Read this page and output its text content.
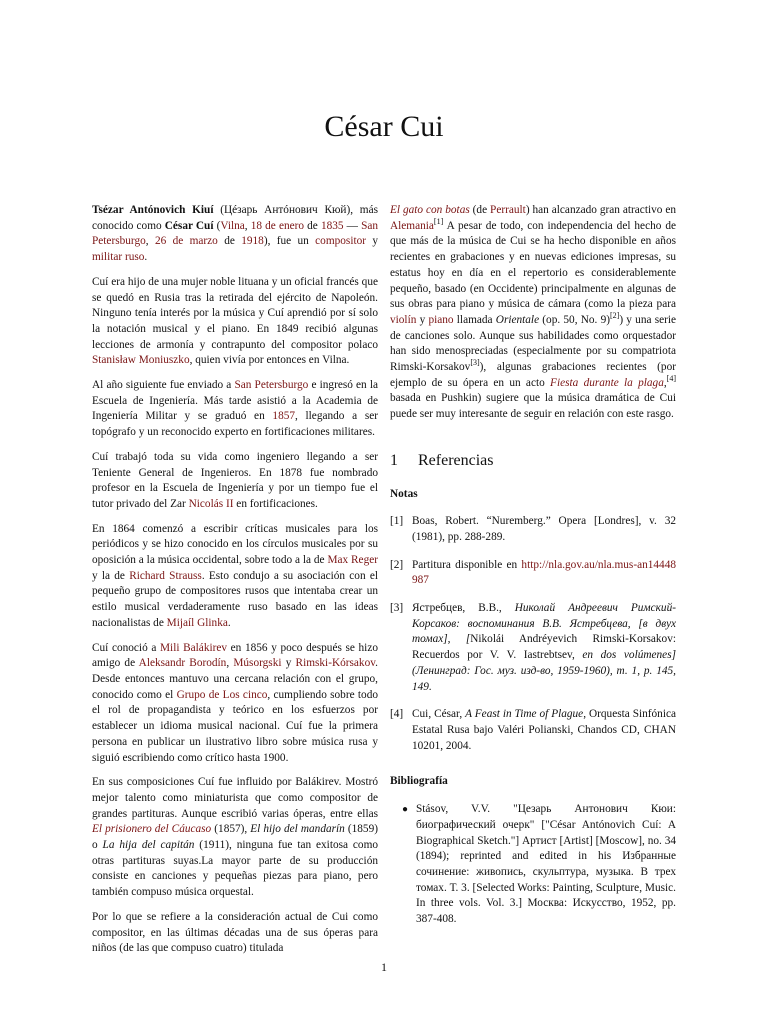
César Cui

Tsézar Antónovich Kiuí (Цéзарь Антóнович Кюй), más conocido como César Cuí (Vilna, 18 de enero de 1835 — San Petersburgo, 26 de marzo de 1918), fue un compositor y militar ruso.

Cuí era hijo de una mujer noble lituana y un oficial francés que se quedó en Rusia tras la retirada del ejército de Napoleón. Ninguno tenía interés por la música y Cuí aprendió por sí solo la notación musical y el piano. En 1849 recibió algunas lecciones de armonía y contrapunto del compositor polaco Stanisław Moniuszko, quien vivía por entonces en Vilna.

Al año siguiente fue enviado a San Petersburgo e ingresó en la Escuela de Ingeniería. Más tarde asistió a la Academia de Ingeniería Militar y se graduó en 1857, llegando a ser topógrafo y un reconocido experto en fortificaciones militares.

Cuí trabajó toda su vida como ingeniero llegando a ser Teniente General de Ingenieros. En 1878 fue nombrado profesor en la Escuela de Ingeniería y por un tiempo fue el tutor privado del Zar Nicolás II en fortificaciones.

En 1864 comenzó a escribir críticas musicales para los periódicos y se hizo conocido en los círculos musicales por su oposición a la música occidental, sobre todo a la de Max Reger y la de Richard Strauss. Esto condujo a su asociación con el pequeño grupo de compositores rusos que intentaba crear un estilo musical verdaderamente ruso basado en las ideas nacionalistas de Mijaíl Glinka.

Cuí conoció a Mili Balákirev en 1856 y poco después se hizo amigo de Aleksandr Borodín, Músorgski y Rimski-Kórsakov. Desde entonces mantuvo una cercana relación con el grupo, conocido como el Grupo de Los cinco, cumpliendo sobre todo el rol de propagandista y teórico en los esfuerzos por establecer un idioma musical nacional. Cuí fue la primera persona en publicar un ilustrativo libro sobre música rusa y siguió escribiendo como crítico hasta 1900.

En sus composiciones Cuí fue influido por Balákirev. Mostró mejor talento como miniaturista que como compositor de grandes partituras. Aunque escribió varias óperas, entre ellas El prisionero del Cáucaso (1857), El hijo del mandarín (1859) o La hija del capitán (1911), ninguna fue tan exitosa como otras partituras suyas.La mayor parte de su producción consiste en canciones y pequeñas piezas para piano, pero también compuso música orquestal.

Por lo que se refiere a la consideración actual de Cui como compositor, en las últimas décadas una de sus óperas para niños (de las que compuso cuatro) titulada

El gato con botas (de Perrault) han alcanzado gran atractivo en Alemania[1] A pesar de todo, con independencia del hecho de que más de la música de Cui se ha hecho disponible en años recientes en grabaciones y en nuevas ediciones impresas, su estatus hoy en día en el repertorio es considerablemente pequeño, basado (en Occidente) principalmente en algunas de sus obras para piano y música de cámara (como la pieza para violín y piano llamada Orientale (op. 50, No. 9)[2]) y una serie de canciones solo. Aunque sus habilidades como orquestador han sido menospreciadas (especialmente por su compatriota Rimski-Korsakov[3]), algunas grabaciones recientes (por ejemplo de su ópera en un acto Fiesta durante la plaga,[4] basada en Pushkin) sugiere que la música dramática de Cui puede ser muy interesante de seguir en relación con este rasgo.

1 Referencias
Notas
[1] Boas, Robert. “Nuremberg.” Opera [Londres], v. 32 (1981), pp. 288-289.
[2] Partitura disponible en http://nla.gov.au/nla.mus-an14448987
[3] Ястребцев, В.В., Николай Андреевич Римский-Корсаков: воспоминания В.В. Ястребцева, [в двух томах], [Nikolái Andréyevich Rimski-Korsakov: Recuerdos por V. V. Iastrebtsev, en dos volúmenes] (Ленинград: Гос. муз. изд-во, 1959-1960), т. 1, р. 145, 149.
[4] Cui, César, A Feast in Time of Plague, Orquesta Sinfónica Estatal Rusa bajo Valéri Polianski, Chandos CD, CHAN 10201, 2004.
Bibliografía
● Stásov, V.V. "Цезарь Антонович Кюи: биографический очерк" ["César Antónovich Cuí: A Biographical Sketch."] Артист [Artist] [Moscow], no. 34 (1894); reprinted and edited in his Избранные сочинение: живопись, скульптура, музыка. В трех томах. Т. 3. [Selected Works: Painting, Sculpture, Music. In three vols. Vol. 3.] Москва: Искусство, 1952, pp. 387-408.
1
